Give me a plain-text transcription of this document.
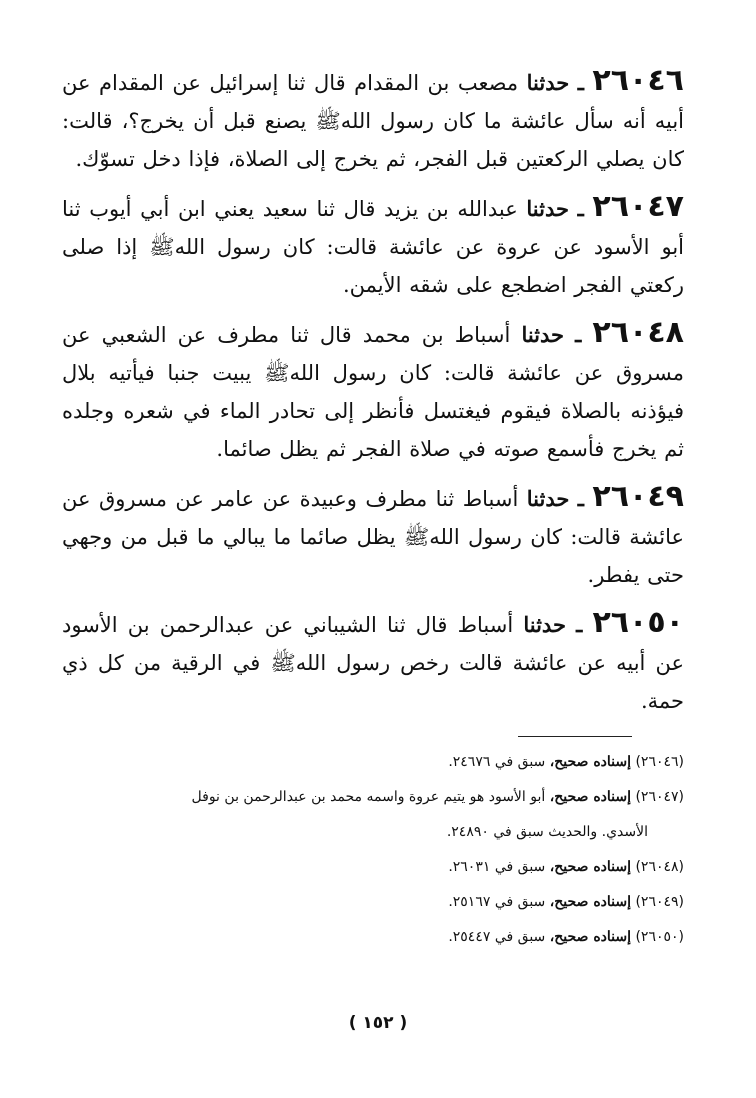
٢٦٠٤٦ ـ حدثنا مصعب بن المقدام قال ثنا إسرائيل عن المقدام عن أبيه أنه سأل عائشة ما كان رسول اللهﷺ يصنع قبل أن يخرج؟، قالت: كان يصلي الركعتين قبل الفجر، ثم يخرج إلى الصلاة، فإذا دخل تسوّك.

٢٦٠٤٧ ـ حدثنا عبدالله بن يزيد قال ثنا سعيد يعني ابن أبي أيوب ثنا أبو الأسود عن عروة عن عائشة قالت: كان رسول اللهﷺ إذا صلى ركعتي الفجر اضطجع على شقه الأيمن.

٢٦٠٤٨ ـ حدثنا أسباط بن محمد قال ثنا مطرف عن الشعبي عن مسروق عن عائشة قالت: كان رسول اللهﷺ يبيت جنبا فيأتيه بلال فيؤذنه بالصلاة فيقوم فيغتسل فأنظر إلى تحادر الماء في شعره وجلده ثم يخرج فأسمع صوته في صلاة الفجر ثم يظل صائما.

٢٦٠٤٩ ـ حدثنا أسباط ثنا مطرف وعبيدة عن عامر عن مسروق عن عائشة قالت: كان رسول اللهﷺ يظل صائما ما يبالي ما قبل من وجهي حتى يفطر.

٢٦٠٥٠ ـ حدثنا أسباط قال ثنا الشيباني عن عبدالرحمن بن الأسود عن أبيه عن عائشة قالت رخص رسول اللهﷺ في الرقية من كل ذي حمة.

(٢٦٠٤٦) إسناده صحيح، سبق في ٢٤٦٧٦.

(٢٦٠٤٧) إسناده صحيح، أبو الأسود هو يتيم عروة واسمه محمد بن عبدالرحمن بن نوفل

الأسدي. والحديث سبق في ٢٤٨٩٠.

(٢٦٠٤٨) إسناده صحيح، سبق في ٢٦٠٣١.

(٢٦٠٤٩) إسناده صحيح، سبق في ٢٥١٦٧.

(٢٦٠٥٠) إسناده صحيح، سبق في ٢٥٤٤٧.

( ١٥٢ )
